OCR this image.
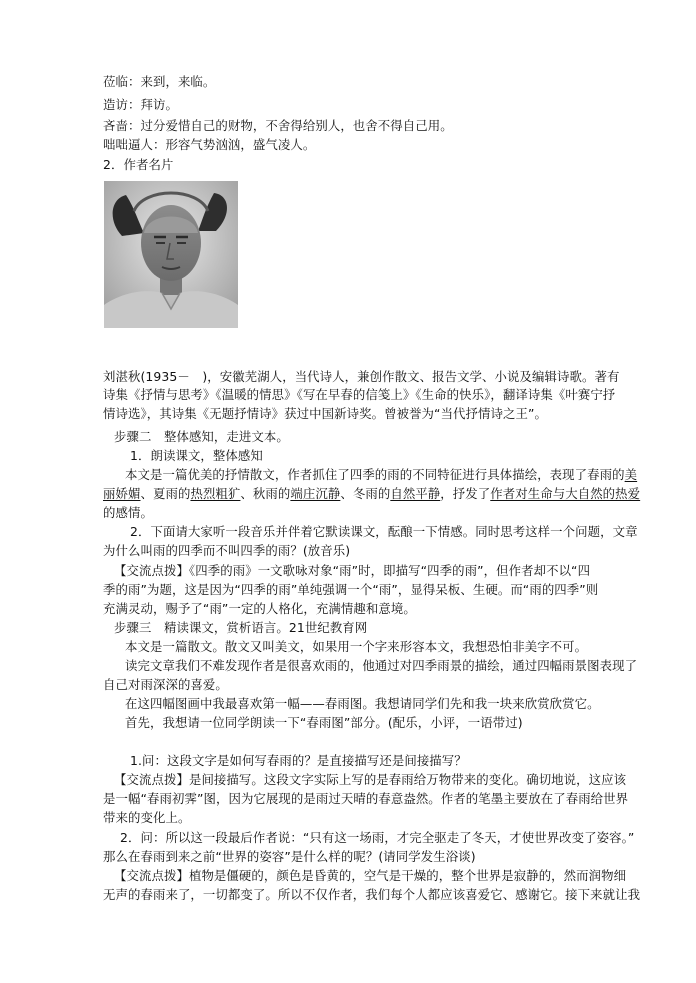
莅临：来到，来临。
造访：拜访。
吝啬：过分爱惜自己的财物，不舍得给别人，也舍不得自己用。
咄咄逼人：形容气势汹汹，盛气凌人。
2．作者名片
刘湛秋(1935－　)，安徽芜湖人，当代诗人，兼创作散文、报告文学、小说及编辑诗歌。著有
诗集《抒情与思考》《温暖的情思》《写在早春的信笺上》《生命的快乐》，翻译诗集《叶赛宁抒
情诗选》，其诗集《无题抒情诗》获过中国新诗奖。曾被誉为“当代抒情诗之王”。
步骤二　整体感知，走进文本。
1．朗读课文，整体感知
本文是一篇优美的抒情散文，作者抓住了四季的雨的不同特征进行具体描绘，表现了春雨的美
丽娇媚、夏雨的热烈粗犷、秋雨的端庄沉静、冬雨的自然平静，抒发了作者对生命与大自然的热爱
的感情。
2．下面请大家听一段音乐并伴着它默读课文，酝酿一下情感。同时思考这样一个问题，文章
为什么叫雨的四季而不叫四季的雨？(放音乐)
【交流点拨】《四季的雨》一文歌咏对象“雨”时，即描写“四季的雨”，但作者却不以“四
季的雨”为题，这是因为“四季的雨”单纯强调一个“雨”，显得呆板、生硬。而“雨的四季”则
充满灵动，赐予了“雨”一定的人格化，充满情趣和意境。
步骤三　精读课文，赏析语言。21世纪教育网
本文是一篇散文。散文又叫美文，如果用一个字来形容本文，我想恐怕非美字不可。
读完文章我们不难发现作者是很喜欢雨的，他通过对四季雨景的描绘，通过四幅雨景图表现了
自己对雨深深的喜爱。
在这四幅图画中我最喜欢第一幅——春雨图。我想请同学们先和我一块来欣赏欣赏它。
首先，我想请一位同学朗读一下“春雨图”部分。(配乐，小评，一语带过)
1.问：这段文字是如何写春雨的？是直接描写还是间接描写？
【交流点拨】是间接描写。这段文字实际上写的是春雨给万物带来的变化。确切地说，这应该
是一幅“春雨初霁”图，因为它展现的是雨过天晴的春意盎然。作者的笔墨主要放在了春雨给世界
带来的变化上。
2．问：所以这一段最后作者说：“只有这一场雨，才完全驱走了冬天，才使世界改变了姿容。”
那么在春雨到来之前“世界的姿容”是什么样的呢？(请同学发生浴谈)
【交流点拨】植物是僵硬的，颜色是昏黄的，空气是干燥的，整个世界是寂静的，然而润物细
无声的春雨来了，一切都变了。所以不仅作者，我们每个人都应该喜爱它、感谢它。接下来就让我
